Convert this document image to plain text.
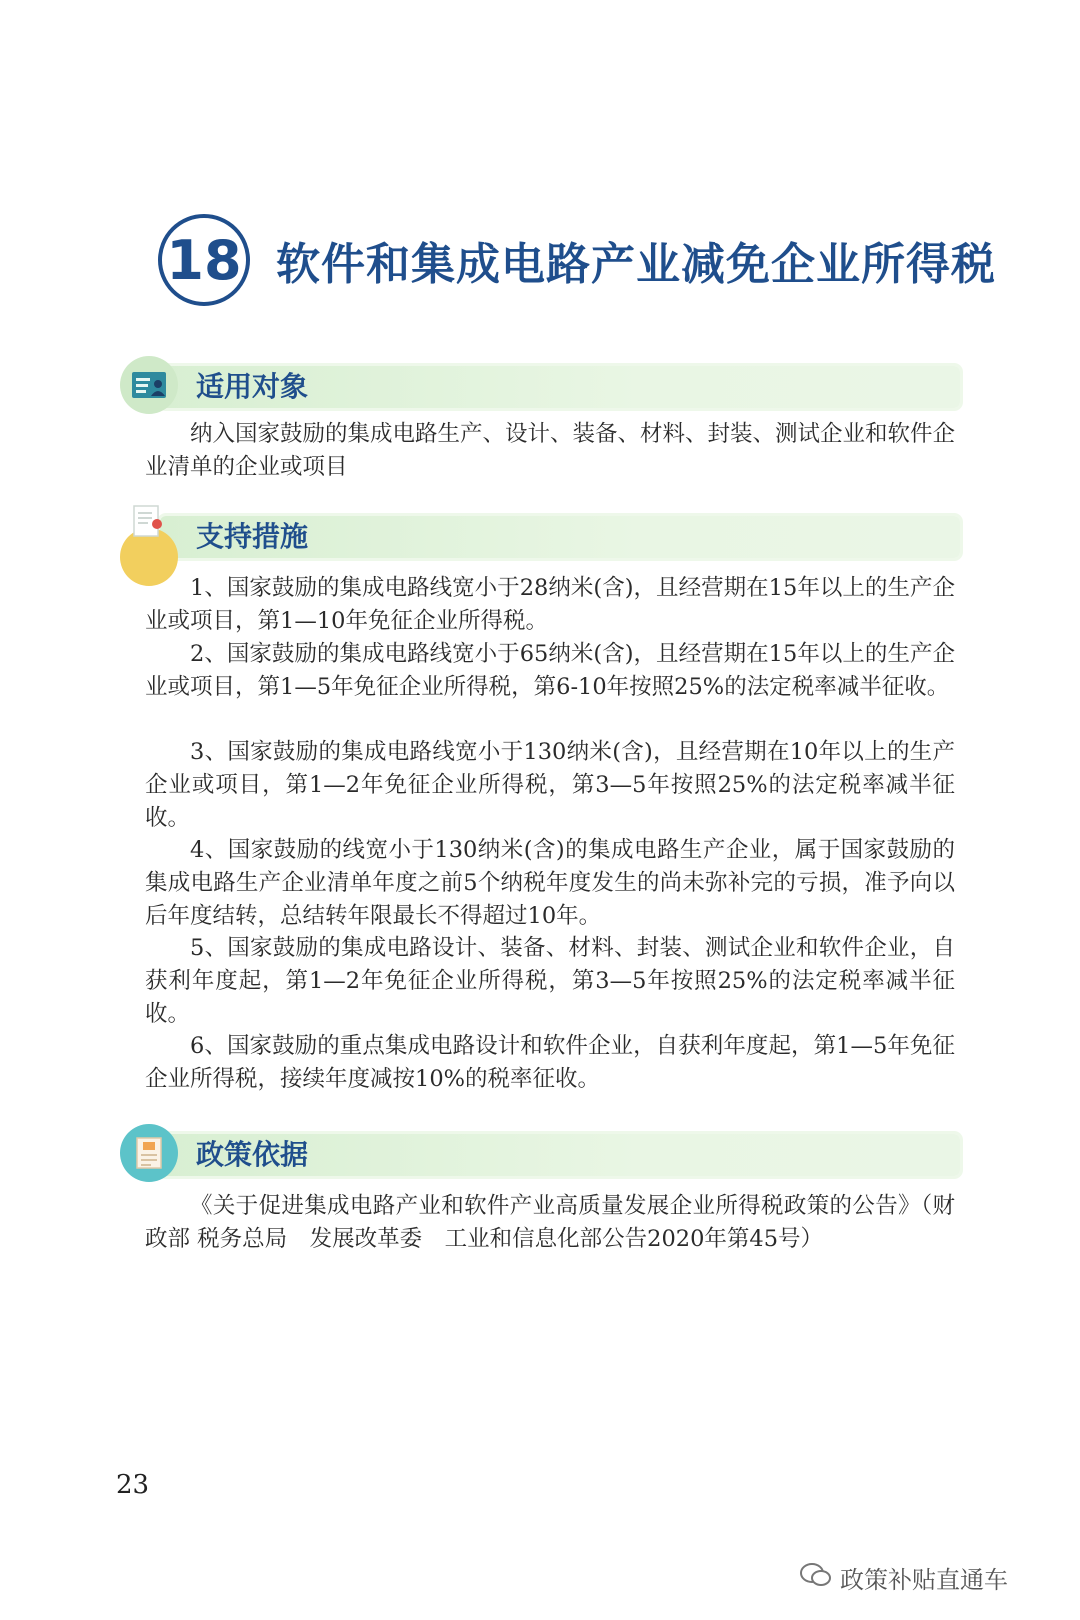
18 软件和集成电路产业减免企业所得税
适用对象
纳入国家鼓励的集成电路生产、设计、装备、材料、封装、测试企业和软件企业清单的企业或项目
支持措施
1、国家鼓励的集成电路线宽小于28纳米(含)，且经营期在15年以上的生产企业或项目，第1—10年免征企业所得税。
2、国家鼓励的集成电路线宽小于65纳米(含)，且经营期在15年以上的生产企业或项目，第1—5年免征企业所得税，第6-10年按照25%的法定税率减半征收。
3、国家鼓励的集成电路线宽小于130纳米(含)，且经营期在10年以上的生产企业或项目，第1—2年免征企业所得税，第3—5年按照25%的法定税率减半征收。
4、国家鼓励的线宽小于130纳米(含)的集成电路生产企业，属于国家鼓励的集成电路生产企业清单年度之前5个纳税年度发生的尚未弥补完的亏损，准予向以后年度结转，总结转年限最长不得超过10年。
5、国家鼓励的集成电路设计、装备、材料、封装、测试企业和软件企业，自获利年度起，第1—2年免征企业所得税，第3—5年按照25%的法定税率减半征收。
6、国家鼓励的重点集成电路设计和软件企业，自获利年度起，第1—5年免征企业所得税，接续年度减按10%的税率征收。
政策依据
《关于促进集成电路产业和软件产业高质量发展企业所得税政策的公告》（财政部 税务总局　发展改革委　工业和信息化部公告2020年第45号）
23
政策补贴直通车
